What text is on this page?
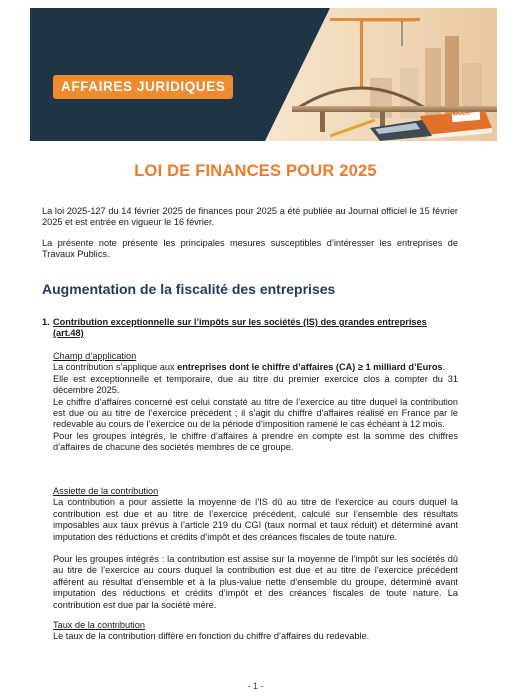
AFFAIRES JURIDIQUES
CODE
LOI DE FINANCES POUR 2025
La loi 2025-127 du 14 février 2025 de finances pour 2025 a été publiée au Journal officiel le 15 février 2025 et est entrée en vigueur le 16 février.
La présente note présente les principales mesures susceptibles d’intéresser les entreprises de Travaux Publics.
Augmentation de la fiscalité des entreprises
1. Contribution exceptionnelle sur l’impôts sur les sociétés (IS) des grandes entreprises (art.48)
Champ d’application

La contribution s’applique aux entreprises dont le chiffre d’affaires (CA) ≥ 1 milliard d’Euros.

Elle est exceptionnelle et temporaire, due au titre du premier exercice clos à compter du 31 décembre 2025.

Le chiffre d’affaires concerné est celui constaté au titre de l’exercice au titre duquel la contribution est due ou au titre de l’exercice précédent ; il s’agit du chiffre d’affaires réalisé en France par le redevable au cours de l’exercice ou de la période d’imposition ramené le cas échéant à 12 mois.

Pour les groupes intégrés, le chiffre d’affaires à prendre en compte est la somme des chiffres d’affaires de chacune des sociétés membres de ce groupe.

Assiette de la contribution

La contribution a pour assiette la moyenne de l’IS dû au titre de l’exercice au cours duquel la contribution est due et au titre de l’exercice précédent, calculé sur l’ensemble des résultats imposables aux taux prévus à l’article 219 du CGI (taux normal et taux réduit) et déterminé avant imputation des réductions et crédits d’impôt et des créances fiscales de toute nature.

Pour les groupes intégrés : la contribution est assise sur la moyenne de l’impôt sur les sociétés dû au titre de l’exercice au cours duquel la contribution est due et au titre de l’exercice précédent afférent au résultat d’ensemble et à la plus-value nette d’ensemble du groupe, déterminé avant imputation des réductions et crédits d’impôt et des créances fiscales de toute nature. La contribution est due par la société mère.

Taux de la contribution

Le taux de la contribution diffère en fonction du chiffre d’affaires du redevable.

- 1 -
